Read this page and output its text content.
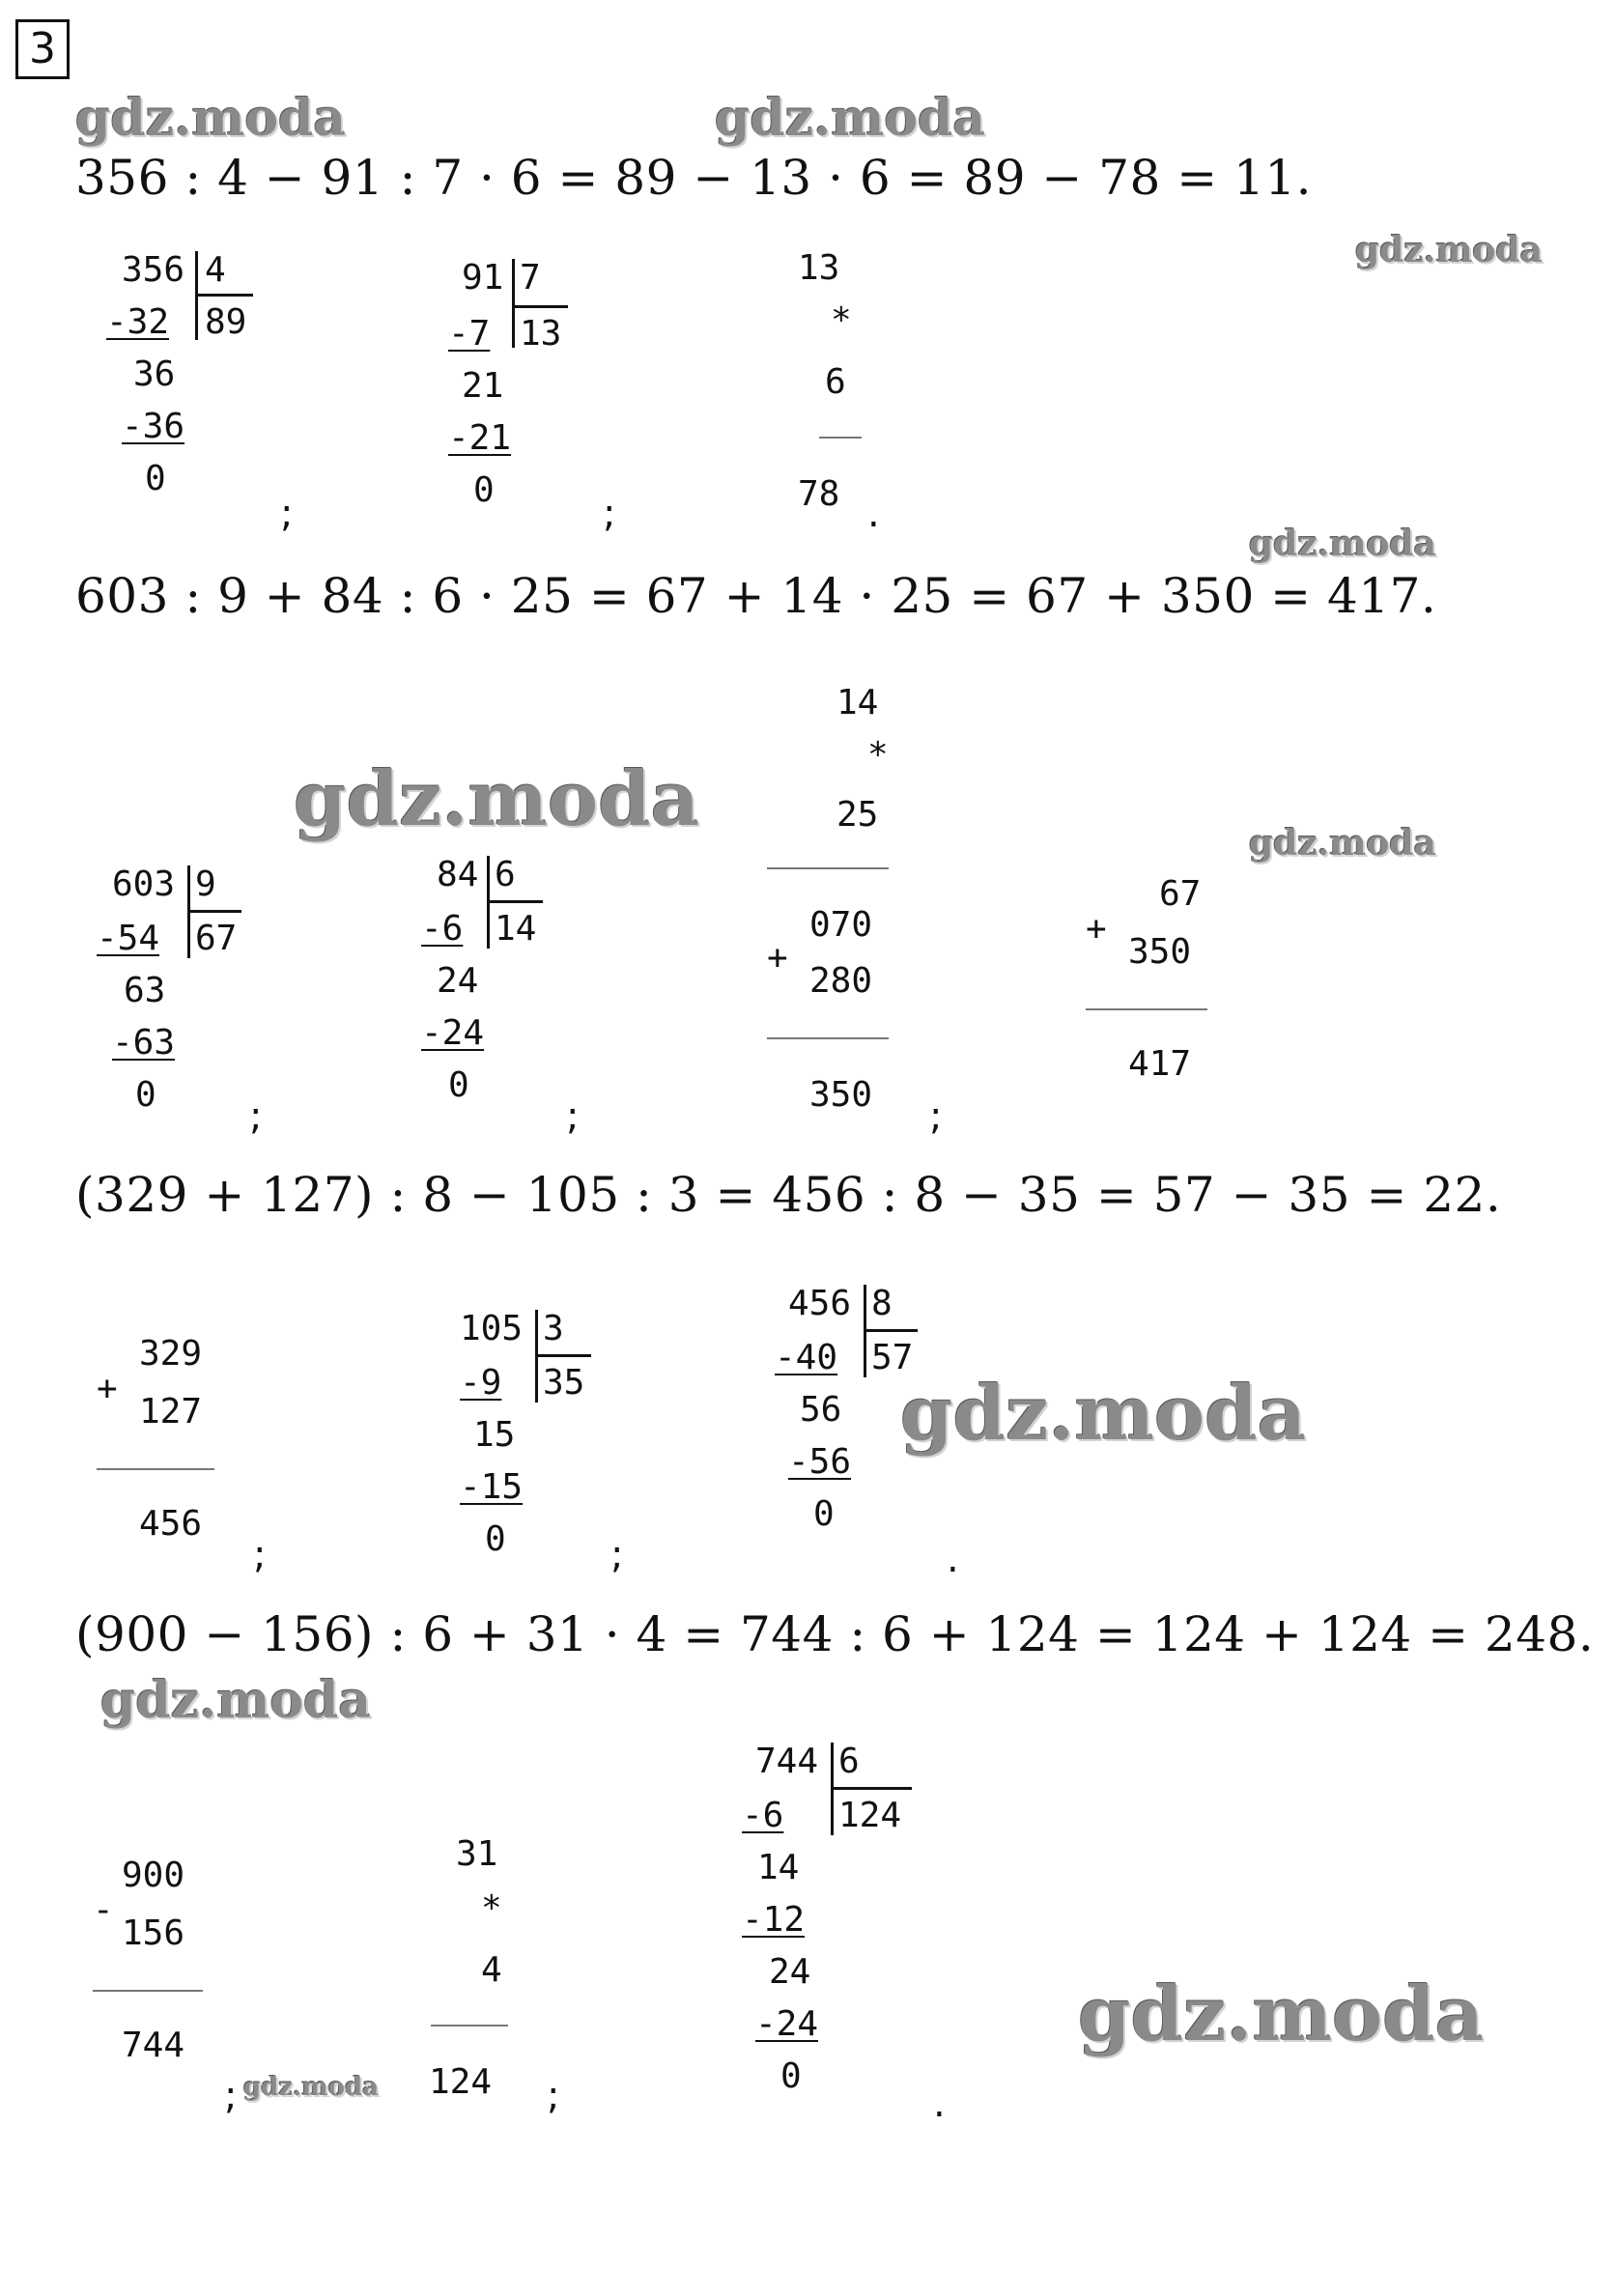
3
gdz.moda	gdz.moda
gdz.moda
gdz.moda
gdz.moda	gdz.moda
gdz.moda
gdz.moda
gdz.moda
gdz.moda
356 : 4 − 91 : 7 · 6 = 89 − 13 · 6 = 89 − 78 = 11.
603 : 9 + 84 : 6 · 25 = 67 + 14 · 25 = 67 + 350 = 417.
(329 + 127) : 8 − 105 : 3 = 456 : 8 − 35 = 57 − 35 = 22.
(900 − 156) : 6 + 31 · 4 = 744 : 6 + 124 = 124 + 124 = 248.
356 4
-32 89
36
-36
0
;
91 7
-7 13
21
-21
0
;
13
*
6
78 .
603 9
-54 67
63
-63
0 ;
84 6
-6 14
24
-24
0
;
14
*
25
070
+
280
350 ;
67
+
350
417
329
+
127
456
;
105 3
-9 35
15
-15
0	;
456 8
-40 57
56
-56
0
.
900
-
156
744
;
31
*
4
124 ;
744 6
-6 124
14
-12
24
-24
0
.
